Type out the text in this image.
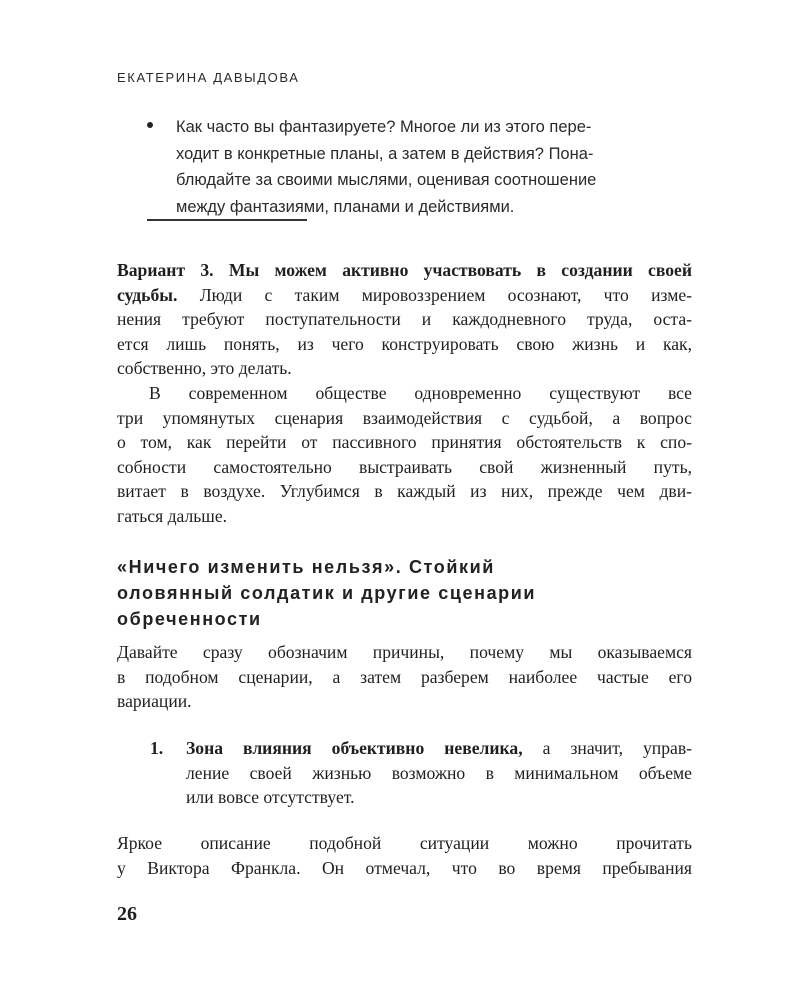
ЕКАТЕРИНА ДАВЫДОВА
Как часто вы фантазируете? Многое ли из этого пере-
ходит в конкретные планы, а затем в действия? Пона-
блюдайте за своими мыслями, оценивая соотношение
между фантазиями, планами и действиями.
Вариант 3. Мы можем активно участвовать в создании своей
судьбы. Люди с таким мировоззрением осознают, что изме-
нения требуют поступательности и каждодневного труда, оста-
ется лишь понять, из чего конструировать свою жизнь и как,
собственно, это делать.
В современном обществе одновременно существуют все
три упомянутых сценария взаимодействия с судьбой, а вопрос
о том, как перейти от пассивного принятия обстоятельств к спо-
собности самостоятельно выстраивать свой жизненный путь,
витает в воздухе. Углубимся в каждый из них, прежде чем дви-
гаться дальше.
«Ничего изменить нельзя». Стойкий
оловянный солдатик и другие сценарии
обреченности
Давайте сразу обозначим причины, почему мы оказываемся
в подобном сценарии, а затем разберем наиболее частые его
вариации.
1. Зона влияния объективно невелика, а значит, управ-
ление своей жизнью возможно в минимальном объеме
или вовсе отсутствует.
Яркое описание подобной ситуации можно прочитать
у Виктора Франкла. Он отмечал, что во время пребывания
26
